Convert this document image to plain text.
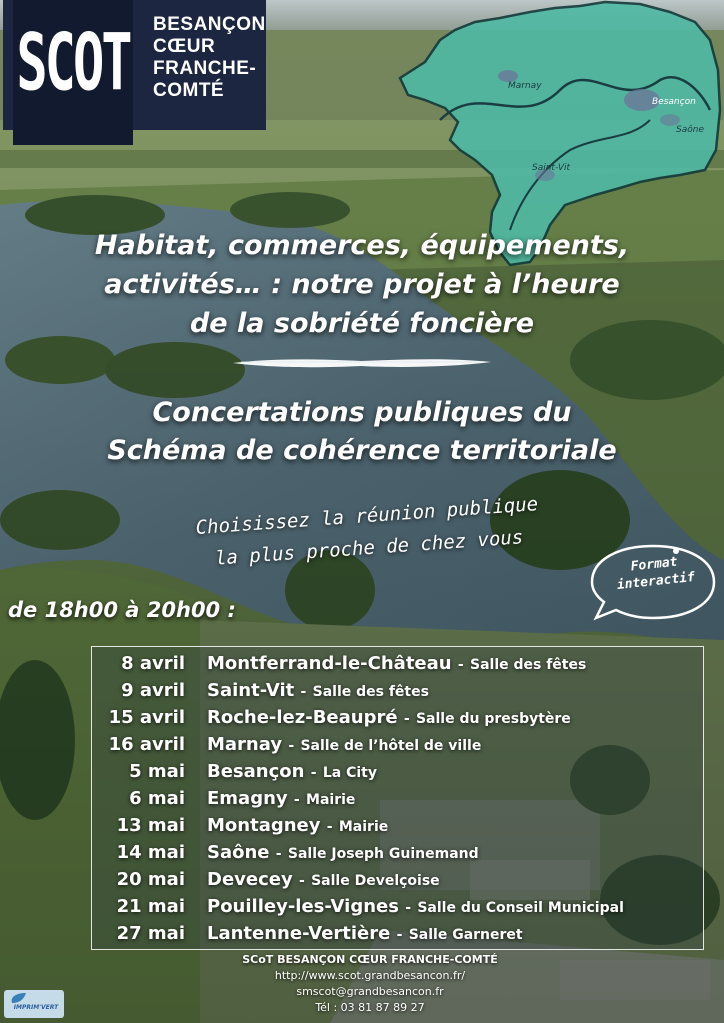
SCOT BESANÇON
CŒUR
FRANCHE-
COMTÉ	Marnay
Besançon
Saône
Saint-Vit
Habitat, commerces, équipements,
activités… : notre projet à l’heure
de la sobriété foncière
Concertations publiques du
Schéma de cohérence territoriale
Choisissez la réunion publique
la plus proche de chez vous	Format
interactif
de 18h00 à 20h00 :
8 avril Montferrand-le-Château - Salle des fêtes
9 avril Saint-Vit - Salle des fêtes
15 avril Roche-lez-Beaupré - Salle du presbytère
16 avril Marnay - Salle de l’hôtel de ville
5 mai Besançon - La City
6 mai Emagny - Mairie
13 mai Montagney - Mairie
14 mai Saône - Salle Joseph Guinemand
20 mai Devecey - Salle Develçoise
21 mai Pouilley-les-Vignes - Salle du Conseil Municipal
27 mai Lantenne-Vertière - Salle Garneret
SCoT BESANÇON CŒUR FRANCHE-COMTÉ
http://www.scot.grandbesancon.fr/
smscot@grandbesancon.fr
Tél : 03 81 87 89 27
IMPRIM'VERT
